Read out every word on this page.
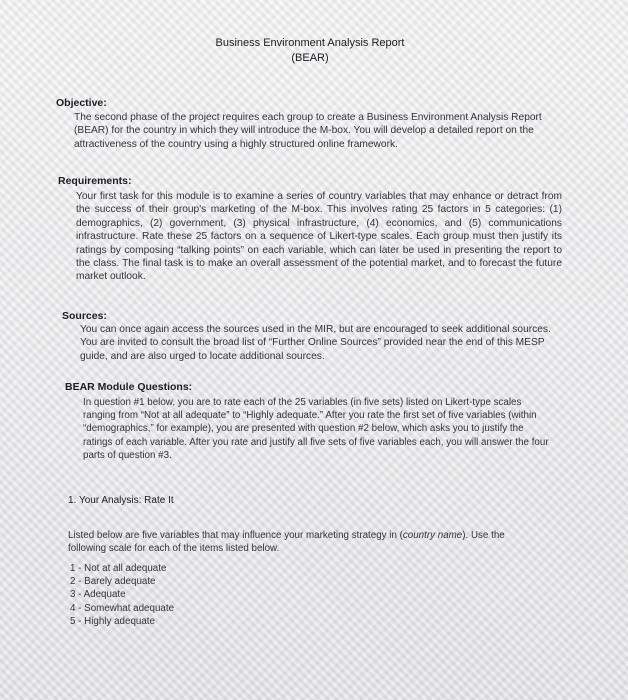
Business Environment Analysis Report
(BEAR)
Objective:
The second phase of the project requires each group to create a Business Environment Analysis Report (BEAR) for the country in which they will introduce the M-box. You will develop a detailed report on the attractiveness of the country using a highly structured online framework.
Requirements:
Your first task for this module is to examine a series of country variables that may enhance or detract from the success of their group's marketing of the M-box. This involves rating 25 factors in 5 categories: (1) demographics, (2) government, (3) physical infrastructure, (4) economics, and (5) communications infrastructure. Rate these 25 factors on a sequence of Likert-type scales. Each group must then justify its ratings by composing “talking points” on each variable, which can later be used in presenting the report to the class. The final task is to make an overall assessment of the potential market, and to forecast the future market outlook.
Sources:
You can once again access the sources used in the MIR, but are encouraged to seek additional sources. You are invited to consult the broad list of “Further Online Sources” provided near the end of this MESP guide, and are also urged to locate additional sources.
BEAR Module Questions:
In question #1 below, you are to rate each of the 25 variables (in five sets) listed on Likert-type scales ranging from “Not at all adequate” to “Highly adequate.” After you rate the first set of five variables (within “demographics,” for example), you are presented with question #2 below, which asks you to justify the ratings of each variable. After you rate and justify all five sets of five variables each, you will answer the four parts of question #3.
1. Your Analysis: Rate It
Listed below are five variables that may influence your marketing strategy in (country name). Use the following scale for each of the items listed below.
1 - Not at all adequate
2 - Barely adequate
3 - Adequate
4 - Somewhat adequate
5 - Highly adequate
